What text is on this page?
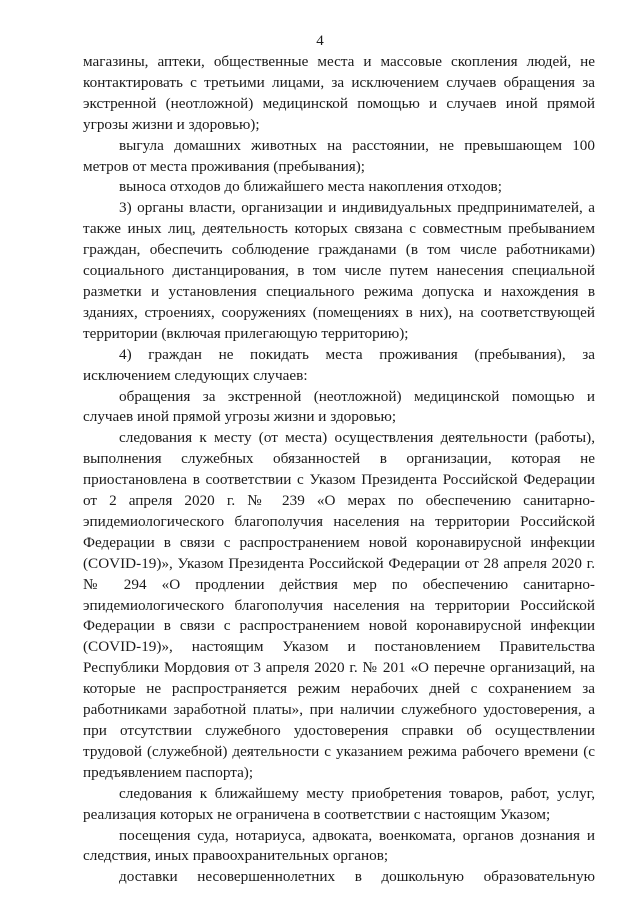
4

магазины, аптеки, общественные места и массовые скопления людей, не контактировать с третьими лицами, за исключением случаев обращения за экстренной (неотложной) медицинской помощью и случаев иной прямой угрозы жизни и здоровью);

выгула домашних животных на расстоянии, не превышающем 100 метров от места проживания (пребывания);

выноса отходов до ближайшего места накопления отходов;

3) органы власти, организации и индивидуальных предпринимателей, а также иных лиц, деятельность которых связана с совместным пребыванием граждан, обеспечить соблюдение гражданами (в том числе работниками) социального дистанцирования, в том числе путем нанесения специальной разметки и установления специального режима допуска и нахождения в зданиях, строениях, сооружениях (помещениях в них), на соответствующей территории (включая прилегающую территорию);

4) граждан не покидать места проживания (пребывания), за исключением следующих случаев:

обращения за экстренной (неотложной) медицинской помощью и случаев иной прямой угрозы жизни и здоровью;

следования к месту (от места) осуществления деятельности (работы), выполнения служебных обязанностей в организации, которая не приостановлена в соответствии с Указом Президента Российской Федерации от 2 апреля 2020 г. № 239 «О мерах по обеспечению санитарно-эпидемиологического благополучия населения на территории Российской Федерации в связи с распространением новой коронавирусной инфекции (COVID-19)», Указом Президента Российской Федерации от 28 апреля 2020 г. № 294 «О продлении действия мер по обеспечению санитарно-эпидемиологического благополучия населения на территории Российской Федерации в связи с распространением новой коронавирусной инфекции (COVID-19)», настоящим Указом и постановлением Правительства Республики Мордовия от 3 апреля 2020 г. № 201 «О перечне организаций, на которые не распространяется режим нерабочих дней с сохранением за работниками заработной платы», при наличии служебного удостоверения, а при отсутствии служебного удостоверения справки об осуществлении трудовой (служебной) деятельности с указанием режима рабочего времени (с предъявлением паспорта);

следования к ближайшему месту приобретения товаров, работ, услуг, реализация которых не ограничена в соответствии с настоящим Указом;

посещения суда, нотариуса, адвоката, военкомата, органов дознания и следствия, иных правоохранительных органов;

доставки несовершеннолетних в дошкольную образовательную
